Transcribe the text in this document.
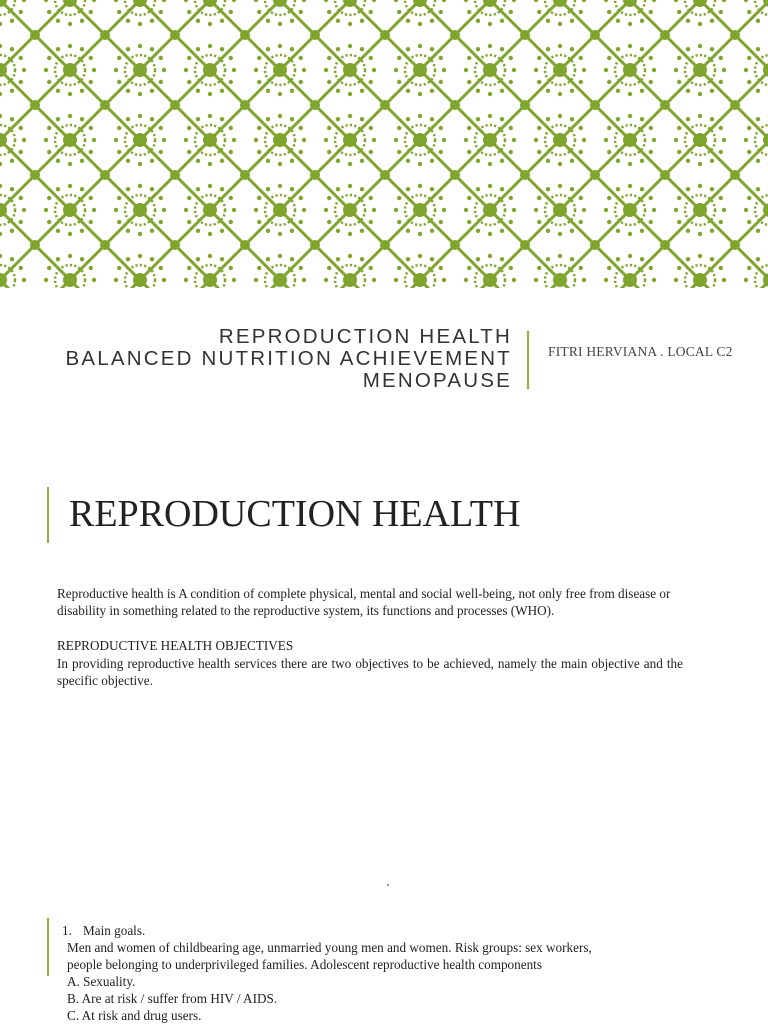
REPRODUCTION HEALTH
BALANCED NUTRITION ACHIEVEMENT
MENOPAUSE
FITRI HERVIANA . LOCAL C2
REPRODUCTION HEALTH
Reproductive health is A condition of complete physical, mental and social well-being, not only free from disease or disability in something related to the reproductive system, its functions and processes (WHO).
REPRODUCTIVE HEALTH OBJECTIVES
In providing reproductive health services there are two objectives to be achieved, namely the main objective and the specific objective.
1. Main goals.
Men and women of childbearing age, unmarried young men and women. Risk groups: sex workers,
people belonging to underprivileged families. Adolescent reproductive health components
A. Sexuality.
B. Are at risk / suffer from HIV / AIDS.
C. At risk and drug users.
